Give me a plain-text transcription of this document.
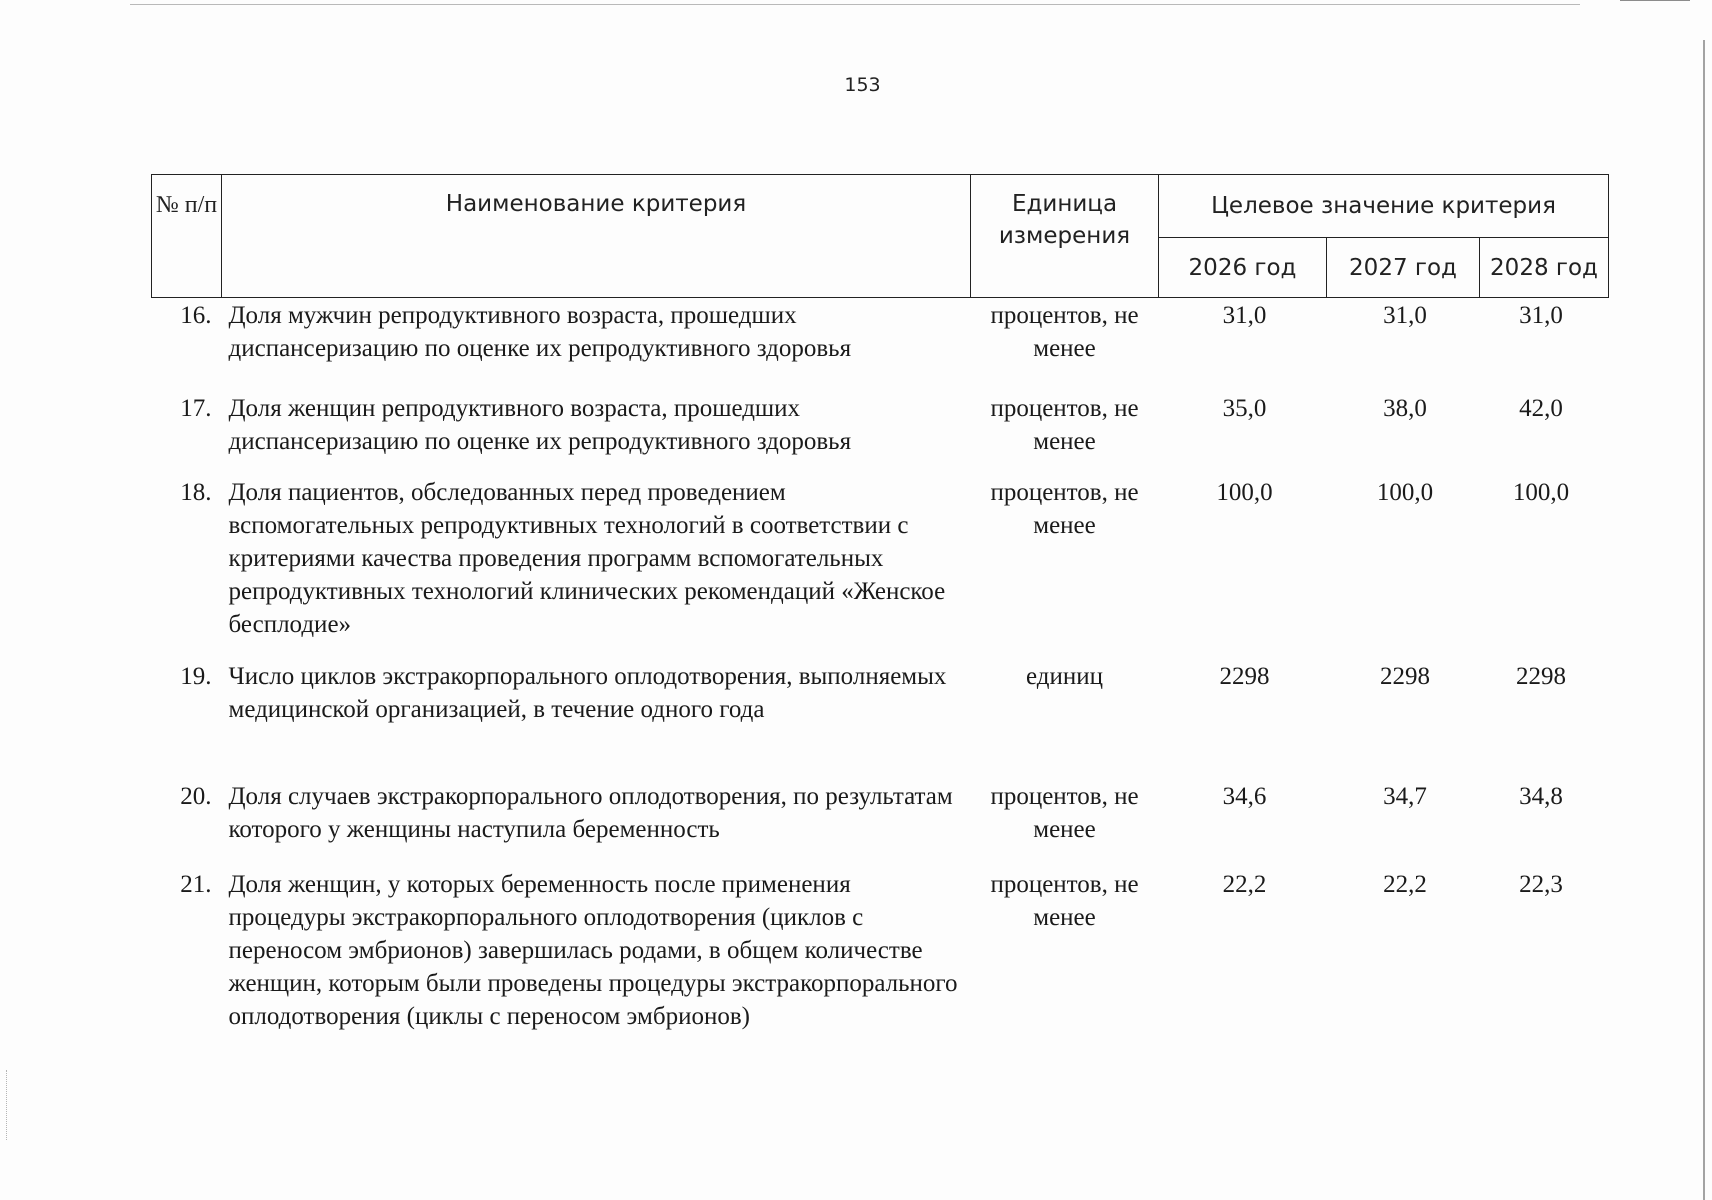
153
№ п/п	Наименование критерия	Единица измерения	Целевое значение критерия		
			2026 год	2027 год	2028 год
16.	Доля мужчин репродуктивного возраста, прошедших диспансеризацию по оценке их репродуктивного здоровья	процентов, не менее	31,0	31,0	31,0
17.	Доля женщин репродуктивного возраста, прошедших диспансеризацию по оценке их репродуктивного здоровья	процентов, не менее	35,0	38,0	42,0
18.	Доля пациентов, обследованных перед проведением вспомогательных репродуктивных технологий в соответствии с критериями качества проведения программ вспомогательных репродуктивных технологий клинических рекомендаций «Женское бесплодие»	процентов, не менее	100,0	100,0	100,0
19.	Число циклов экстракорпорального оплодотворения, выполняемых медицинской организацией, в течение одного года	единиц	2298	2298	2298
20.	Доля случаев экстракорпорального оплодотворения, по результатам которого у женщины наступила беременность	процентов, не менее	34,6	34,7	34,8
21.	Доля женщин, у которых беременность после применения процедуры экстракорпорального оплодотворения (циклов с переносом эмбрионов) завершилась родами, в общем количестве женщин, которым были проведены процедуры экстракорпорального оплодотворения (циклы с переносом эмбрионов)	процентов, не менее	22,2	22,2	22,3
